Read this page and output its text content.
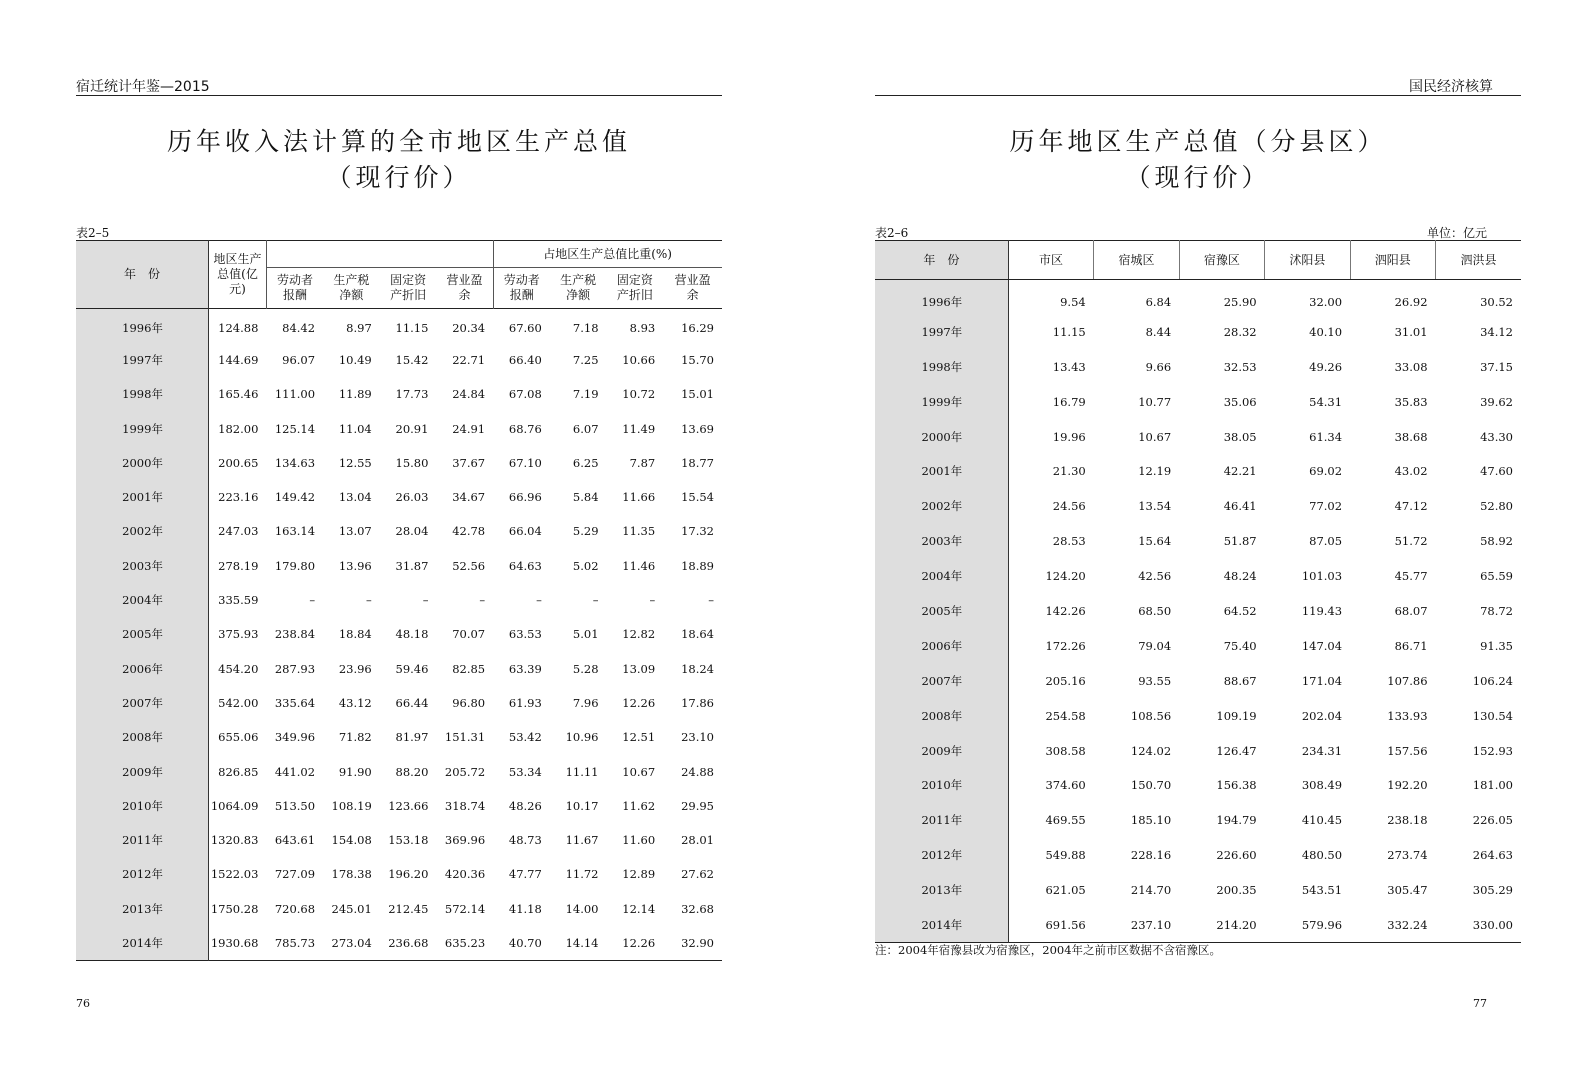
宿迁统计年鉴—2015
历年收入法计算的全市地区生产总值
（现行价）
表2–5
年　份	地区生产总值(亿元)					占地区生产总值比重(%)			
		劳动者报酬	生产税净额	固定资产折旧	营业盈余	劳动者报酬	生产税净额	固定资产折旧	营业盈余
1996年	124.88	84.42	8.97	11.15	20.34	67.60	7.18	8.93	16.29
1997年	144.69	96.07	10.49	15.42	22.71	66.40	7.25	10.66	15.70
1998年	165.46	111.00	11.89	17.73	24.84	67.08	7.19	10.72	15.01
1999年	182.00	125.14	11.04	20.91	24.91	68.76	6.07	11.49	13.69
2000年	200.65	134.63	12.55	15.80	37.67	67.10	6.25	7.87	18.77
2001年	223.16	149.42	13.04	26.03	34.67	66.96	5.84	11.66	15.54
2002年	247.03	163.14	13.07	28.04	42.78	66.04	5.29	11.35	17.32
2003年	278.19	179.80	13.96	31.87	52.56	64.63	5.02	11.46	18.89
2004年	335.59	–	–	–	–	–	–	–	–
2005年	375.93	238.84	18.84	48.18	70.07	63.53	5.01	12.82	18.64
2006年	454.20	287.93	23.96	59.46	82.85	63.39	5.28	13.09	18.24
2007年	542.00	335.64	43.12	66.44	96.80	61.93	7.96	12.26	17.86
2008年	655.06	349.96	71.82	81.97	151.31	53.42	10.96	12.51	23.10
2009年	826.85	441.02	91.90	88.20	205.72	53.34	11.11	10.67	24.88
2010年	1064.09	513.50	108.19	123.66	318.74	48.26	10.17	11.62	29.95
2011年	1320.83	643.61	154.08	153.18	369.96	48.73	11.67	11.60	28.01
2012年	1522.03	727.09	178.38	196.20	420.36	47.77	11.72	12.89	27.62
2013年	1750.28	720.68	245.01	212.45	572.14	41.18	14.00	12.14	32.68
2014年	1930.68	785.73	273.04	236.68	635.23	40.70	14.14	12.26	32.90
76
国民经济核算
历年地区生产总值（分县区）
（现行价）
表2–6	单位：亿元
年　份	市区	宿城区	宿豫区	沭阳县	泗阳县	泗洪县
1996年	9.54	6.84	25.90	32.00	26.92	30.52
1997年	11.15	8.44	28.32	40.10	31.01	34.12
1998年	13.43	9.66	32.53	49.26	33.08	37.15
1999年	16.79	10.77	35.06	54.31	35.83	39.62
2000年	19.96	10.67	38.05	61.34	38.68	43.30
2001年	21.30	12.19	42.21	69.02	43.02	47.60
2002年	24.56	13.54	46.41	77.02	47.12	52.80
2003年	28.53	15.64	51.87	87.05	51.72	58.92
2004年	124.20	42.56	48.24	101.03	45.77	65.59
2005年	142.26	68.50	64.52	119.43	68.07	78.72
2006年	172.26	79.04	75.40	147.04	86.71	91.35
2007年	205.16	93.55	88.67	171.04	107.86	106.24
2008年	254.58	108.56	109.19	202.04	133.93	130.54
2009年	308.58	124.02	126.47	234.31	157.56	152.93
2010年	374.60	150.70	156.38	308.49	192.20	181.00
2011年	469.55	185.10	194.79	410.45	238.18	226.05
2012年	549.88	228.16	226.60	480.50	273.74	264.63
2013年	621.05	214.70	200.35	543.51	305.47	305.29
2014年	691.56	237.10	214.20	579.96	332.24	330.00
注：2004年宿豫县改为宿豫区，2004年之前市区数据不含宿豫区。
77
